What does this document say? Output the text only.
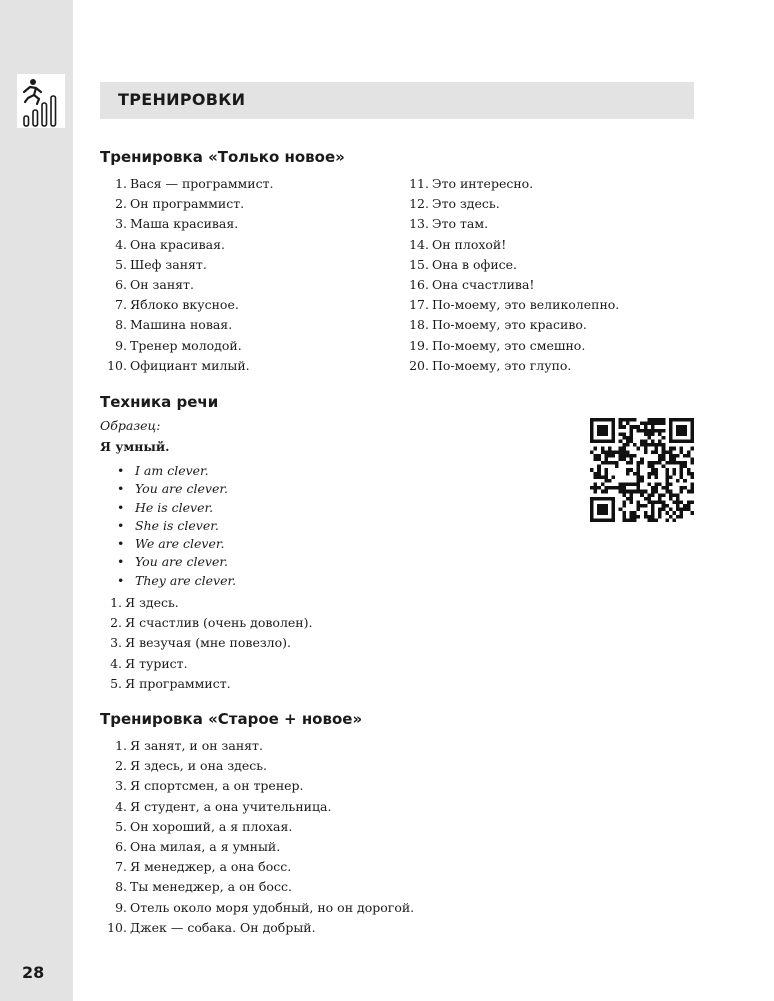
28
ТРЕНИРОВКИ
Тренировка «Только новое»
1. Вася — программист.
2. Он программист.
3. Маша красивая.
4. Она красивая.
5. Шеф занят.
6. Он занят.
7. Яблоко вкусное.
8. Машина новая.
9. Тренер молодой.
10. Официант милый.
11. Это интересно.
12. Это здесь.
13. Это там.
14. Он плохой!
15. Она в офисе.
16. Она счастлива!
17. По-моему, это великолепно.
18. По-моему, это красиво.
19. По-моему, это смешно.
20. По-моему, это глупо.
Техника речи
Образец:
Я умный.
• I am clever.
• You are clever.
• He is clever.
• She is clever.
• We are clever.
• You are clever.
• They are clever.
1. Я здесь.
2. Я счастлив (очень доволен).
3. Я везучая (мне повезло).
4. Я турист.
5. Я программист.
Тренировка «Старое + новое»
1. Я занят, и он занят.
2. Я здесь, и она здесь.
3. Я спортсмен, а он тренер.
4. Я студент, а она учительница.
5. Он хороший, а я плохая.
6. Она милая, а я умный.
7. Я менеджер, а она босс.
8. Ты менеджер, а он босс.
9. Отель около моря удобный, но он дорогой.
10. Джек — собака. Он добрый.
